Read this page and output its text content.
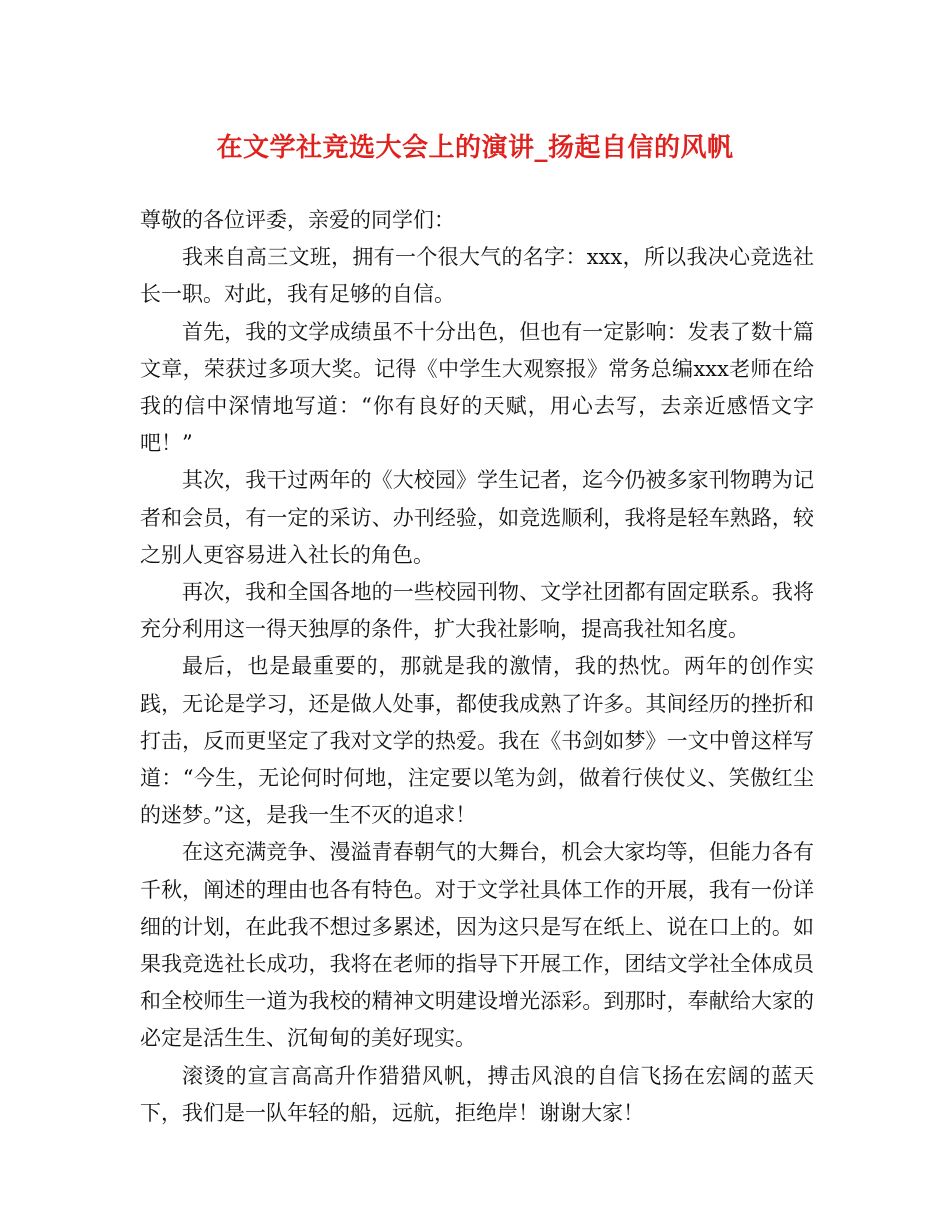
在文学社竞选大会上的演讲_扬起自信的风帆

尊敬的各位评委，亲爱的同学们：

我来自高三文班，拥有一个很大气的名字：xxx，所以我决心竞选社长一职。对此，我有足够的自信。

首先，我的文学成绩虽不十分出色，但也有一定影响：发表了数十篇文章，荣获过多项大奖。记得《中学生大观察报》常务总编xxx老师在给我的信中深情地写道：“你有良好的天赋，用心去写，去亲近感悟文字吧！”

其次，我干过两年的《大校园》学生记者，迄今仍被多家刊物聘为记者和会员，有一定的采访、办刊经验，如竞选顺利，我将是轻车熟路，较之别人更容易进入社长的角色。

再次，我和全国各地的一些校园刊物、文学社团都有固定联系。我将充分利用这一得天独厚的条件，扩大我社影响，提高我社知名度。

最后，也是最重要的，那就是我的激情，我的热忱。两年的创作实践，无论是学习，还是做人处事，都使我成熟了许多。其间经历的挫折和打击，反而更坚定了我对文学的热爱。我在《书剑如梦》一文中曾这样写道：“今生，无论何时何地，注定要以笔为剑，做着行侠仗义、笑傲红尘的迷梦。”这，是我一生不灭的追求！

在这充满竞争、漫溢青春朝气的大舞台，机会大家均等，但能力各有千秋，阐述的理由也各有特色。对于文学社具体工作的开展，我有一份详细的计划，在此我不想过多累述，因为这只是写在纸上、说在口上的。如果我竞选社长成功，我将在老师的指导下开展工作，团结文学社全体成员和全校师生一道为我校的精神文明建设增光添彩。到那时，奉献给大家的必定是活生生、沉甸甸的美好现实。

滚烫的宣言高高升作猎猎风帆，搏击风浪的自信飞扬在宏阔的蓝天下，我们是一队年轻的船，远航，拒绝岸！谢谢大家！
